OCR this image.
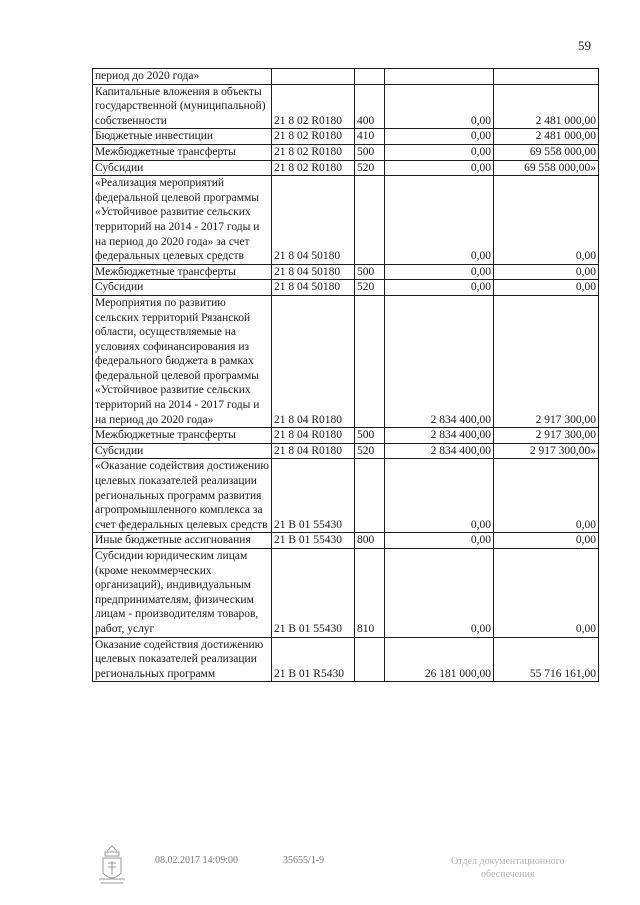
59
период до 2020 года»				
Капитальные вложения в объекты государственной (муниципальной) собственности	21 8 02 R0180	400	0,00	2 481 000,00
Бюджетные инвестиции	21 8 02 R0180	410	0,00	2 481 000,00
Межбюджетные трансферты	21 8 02 R0180	500	0,00	69 558 000,00
Субсидии	21 8 02 R0180	520	0,00	69 558 000,00»
«Реализация мероприятий федеральной целевой программы «Устойчивое развитие сельских территорий на 2014 - 2017 годы и на период до 2020 года» за счет федеральных целевых средств	21 8 04 50180		0,00	0,00
Межбюджетные трансферты	21 8 04 50180	500	0,00	0,00
Субсидии	21 8 04 50180	520	0,00	0,00
Мероприятия по развитию сельских территорий Рязанской области, осуществляемые на условиях софинансирования из федерального бюджета в рамках федеральной целевой программы «Устойчивое развитие сельских территорий на 2014 - 2017 годы и на период до 2020 года»	21 8 04 R0180		2 834 400,00	2 917 300,00
Межбюджетные трансферты	21 8 04 R0180	500	2 834 400,00	2 917 300,00
Субсидии	21 8 04 R0180	520	2 834 400,00	2 917 300,00»
«Оказание содействия достижению целевых показателей реализации региональных программ развития агропромышленного комплекса за счет федеральных целевых средств	21 В 01 55430		0,00	0,00
Иные бюджетные ассигнования	21 В 01 55430	800	0,00	0,00
Субсидии юридическим лицам (кроме некоммерческих организаций), индивидуальным предпринимателям, физическим лицам - производителям товаров, работ, услуг	21 В 01 55430	810	0,00	0,00
Оказание содействия достижению целевых показателей реализации региональных программ	21 В 01 R5430		26 181 000,00	55 716 161,00
08.02.2017 14:09:00	35655/1-9	Отдел документационного
обеспечения
